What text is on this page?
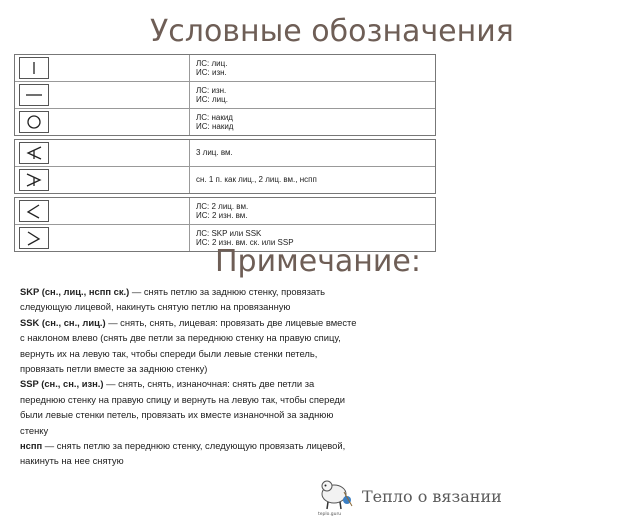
Условные обозначения
ЛС: лиц.
ИС: изн.
ЛС: изн.
ИС: лиц.
ЛС: накид
ИС: накид
3 лиц. вм.
сн. 1 п. как лиц., 2 лиц. вм., нспп
ЛС: 2 лиц. вм.
ИС: 2 изн. вм.
ЛС: SKP или SSK
ИС: 2 изн. вм. ск. или SSP
Примечание:

SKP (сн., лиц., нспп ск.) — снять петлю за заднюю стенку, провязать следующую лицевой, накинуть снятую петлю на провязанную

SSK (сн., сн., лиц.) — снять, снять, лицевая: провязать две лицевые вместе с наклоном влево (снять две петли за переднюю стенку на правую спицу, вернуть их на левую так, чтобы спереди были левые стенки петель, провязать петли вместе за заднюю стенку)

SSP (сн., сн., изн.) — снять, снять, изнаночная: снять две петли за переднюю стенку на правую спицу и вернуть на левую так, чтобы спереди были левые стенки петель, провязать их вместе изнаночной за заднюю стенку

нспп — снять петлю за переднюю стенку, следующую провязать лицевой, накинуть на нее снятую

teplo.guru
Тепло о вязании
